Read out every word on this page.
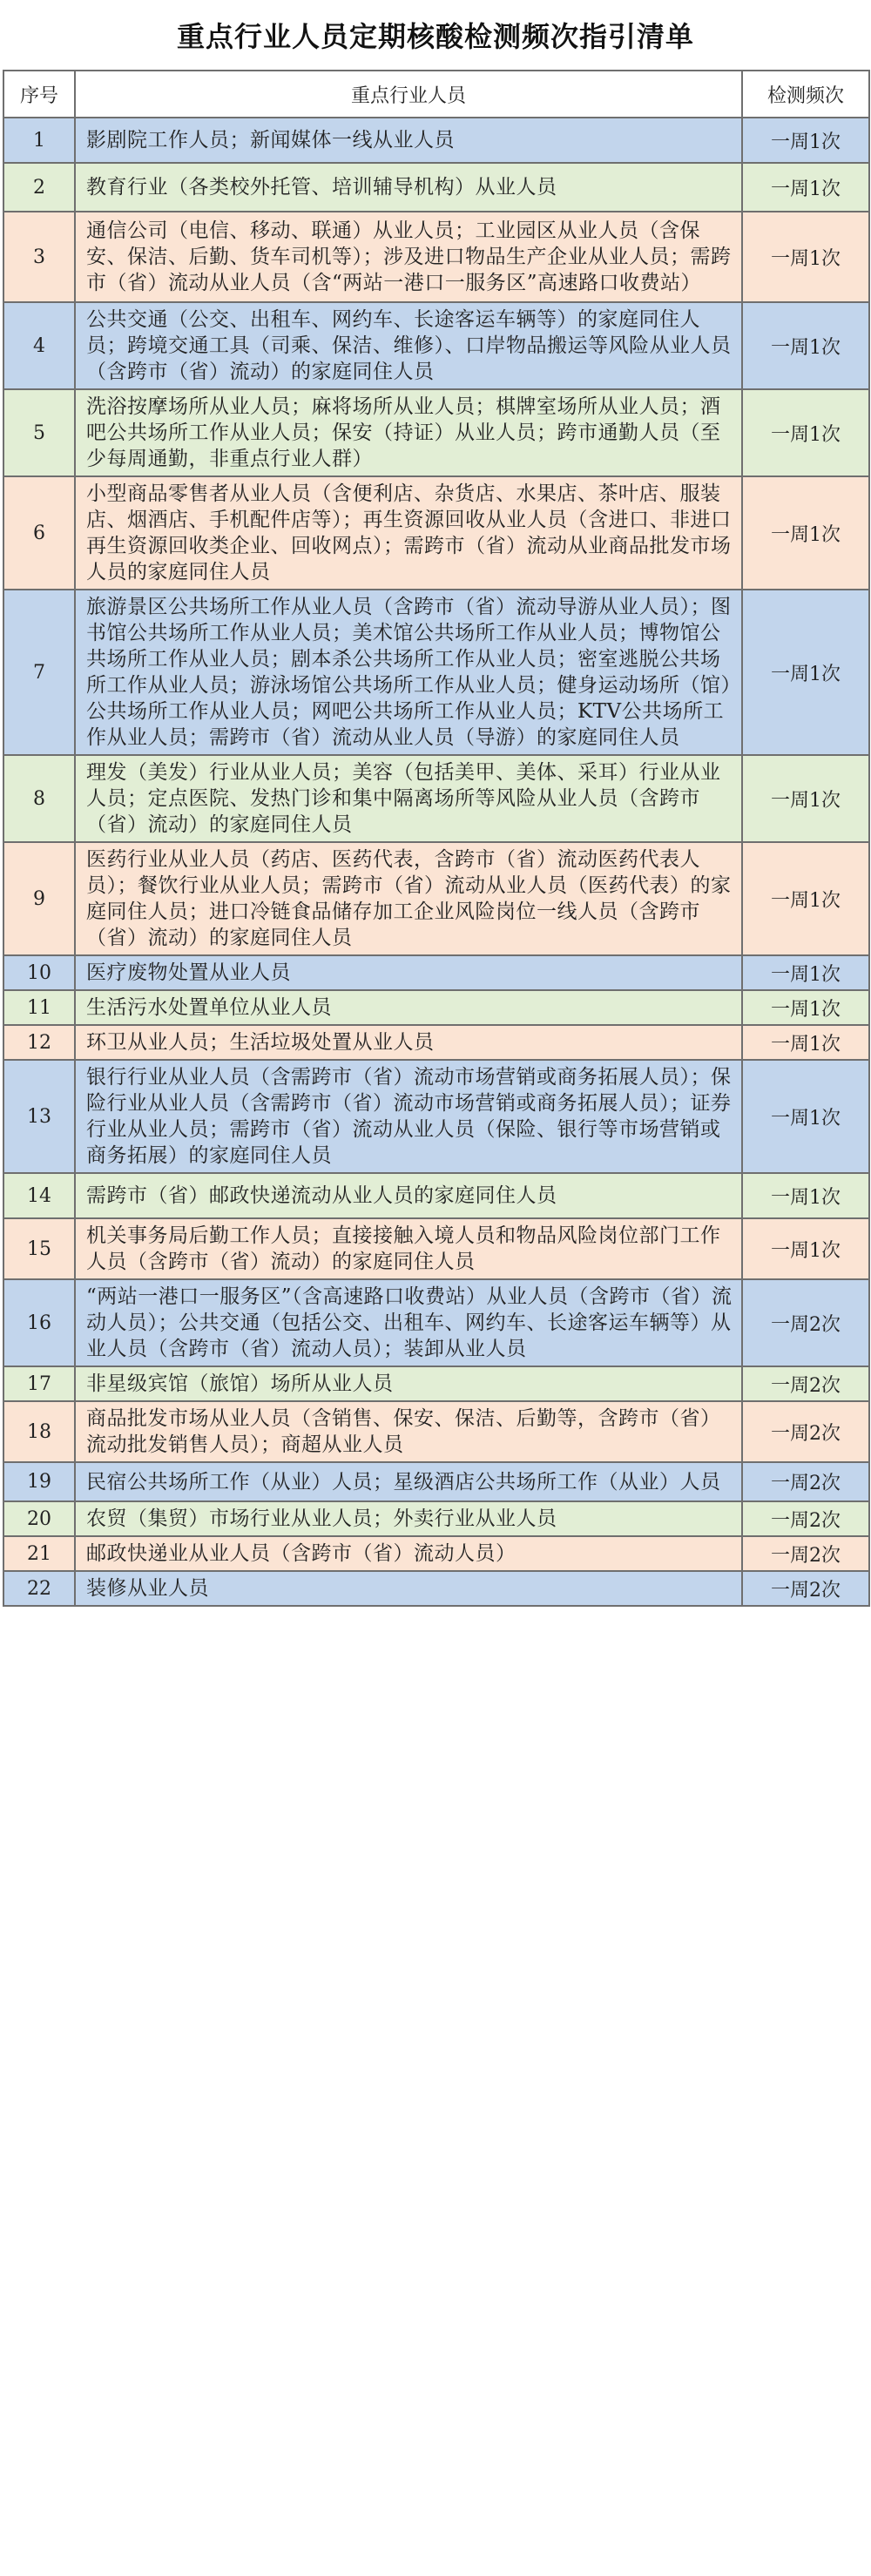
重点行业人员定期核酸检测频次指引清单
序号	重点行业人员	检测频次
1	影剧院工作人员；新闻媒体一线从业人员	一周1次
2	教育行业（各类校外托管、培训辅导机构）从业人员	一周1次
3	通信公司（电信、移动、联通）从业人员；工业园区从业人员（含保安、保洁、后勤、货车司机等）；涉及进口物品生产企业从业人员；需跨市（省）流动从业人员（含“两站一港口一服务区”高速路口收费站）	一周1次
4	公共交通（公交、出租车、网约车、长途客运车辆等）的家庭同住人员；跨境交通工具（司乘、保洁、维修）、口岸物品搬运等风险从业人员（含跨市（省）流动）的家庭同住人员	一周1次
5	洗浴按摩场所从业人员；麻将场所从业人员；棋牌室场所从业人员；酒吧公共场所工作从业人员；保安（持证）从业人员；跨市通勤人员（至少每周通勤，非重点行业人群）	一周1次
6	小型商品零售者从业人员（含便利店、杂货店、水果店、茶叶店、服装店、烟酒店、手机配件店等）；再生资源回收从业人员（含进口、非进口再生资源回收类企业、回收网点）；需跨市（省）流动从业商品批发市场人员的家庭同住人员	一周1次
7	旅游景区公共场所工作从业人员（含跨市（省）流动导游从业人员）；图书馆公共场所工作从业人员；美术馆公共场所工作从业人员；博物馆公共场所工作从业人员；剧本杀公共场所工作从业人员；密室逃脱公共场所工作从业人员；游泳场馆公共场所工作从业人员；健身运动场所（馆）公共场所工作从业人员；网吧公共场所工作从业人员；KTV公共场所工作从业人员；需跨市（省）流动从业人员（导游）的家庭同住人员	一周1次
8	理发（美发）行业从业人员；美容（包括美甲、美体、采耳）行业从业人员；定点医院、发热门诊和集中隔离场所等风险从业人员（含跨市（省）流动）的家庭同住人员	一周1次
9	医药行业从业人员（药店、医药代表，含跨市（省）流动医药代表人员）；餐饮行业从业人员；需跨市（省）流动从业人员（医药代表）的家庭同住人员；进口冷链食品储存加工企业风险岗位一线人员（含跨市（省）流动）的家庭同住人员	一周1次
10	医疗废物处置从业人员	一周1次
11	生活污水处置单位从业人员	一周1次
12	环卫从业人员；生活垃圾处置从业人员	一周1次
13	银行行业从业人员（含需跨市（省）流动市场营销或商务拓展人员）；保险行业从业人员（含需跨市（省）流动市场营销或商务拓展人员）；证券行业从业人员；需跨市（省）流动从业人员（保险、银行等市场营销或商务拓展）的家庭同住人员	一周1次
14	需跨市（省）邮政快递流动从业人员的家庭同住人员	一周1次
15	机关事务局后勤工作人员；直接接触入境人员和物品风险岗位部门工作人员（含跨市（省）流动）的家庭同住人员	一周1次
16	“两站一港口一服务区”（含高速路口收费站）从业人员（含跨市（省）流动人员）；公共交通（包括公交、出租车、网约车、长途客运车辆等）从业人员（含跨市（省）流动人员）；装卸从业人员	一周2次
17	非星级宾馆（旅馆）场所从业人员	一周2次
18	商品批发市场从业人员（含销售、保安、保洁、后勤等，含跨市（省）流动批发销售人员）；商超从业人员	一周2次
19	民宿公共场所工作（从业）人员；星级酒店公共场所工作（从业）人员	一周2次
20	农贸（集贸）市场行业从业人员；外卖行业从业人员	一周2次
21	邮政快递业从业人员（含跨市（省）流动人员）	一周2次
22	装修从业人员	一周2次
